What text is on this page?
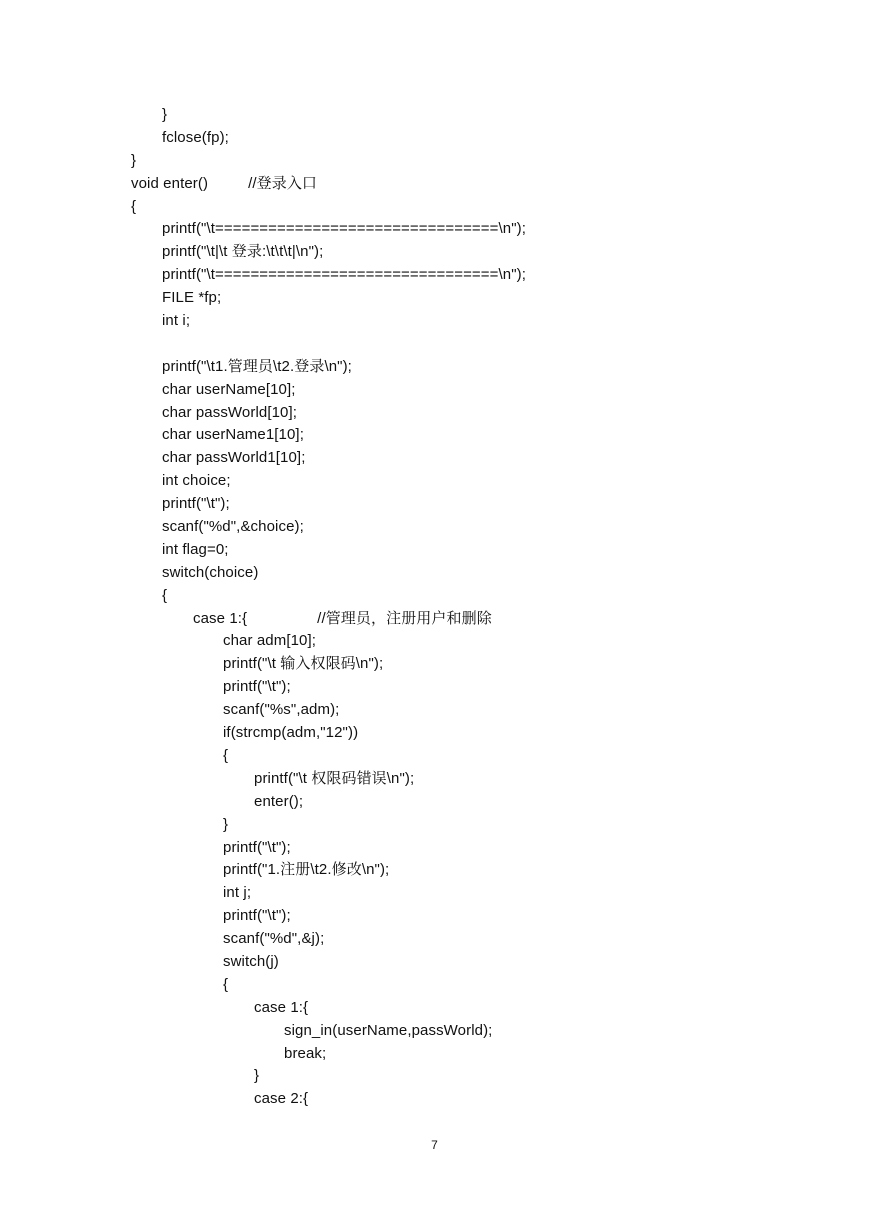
}
fclose(fp);
}
void enter()	//登录入口
{
printf("\t================================\n");
printf("\t|\t 登录:\t\t\t|\n");
printf("\t================================\n");
FILE *fp;
int i;
printf("\t1.管理员\t2.登录\n");
char userName[10];
char passWorld[10];
char userName1[10];
char passWorld1[10];
int choice;
printf("\t");
scanf("%d",&choice);
int flag=0;
switch(choice)
{
case 1:{	//管理员，注册用户和删除
char adm[10];
printf("\t 输入权限码\n");
printf("\t");
scanf("%s",adm);
if(strcmp(adm,"12"))
{
printf("\t 权限码错误\n");
enter();
}
printf("\t");
printf("1.注册\t2.修改\n");
int j;
printf("\t");
scanf("%d",&j);
switch(j)
{
case 1:{
sign_in(userName,passWorld);
break;
}
case 2:{
7
